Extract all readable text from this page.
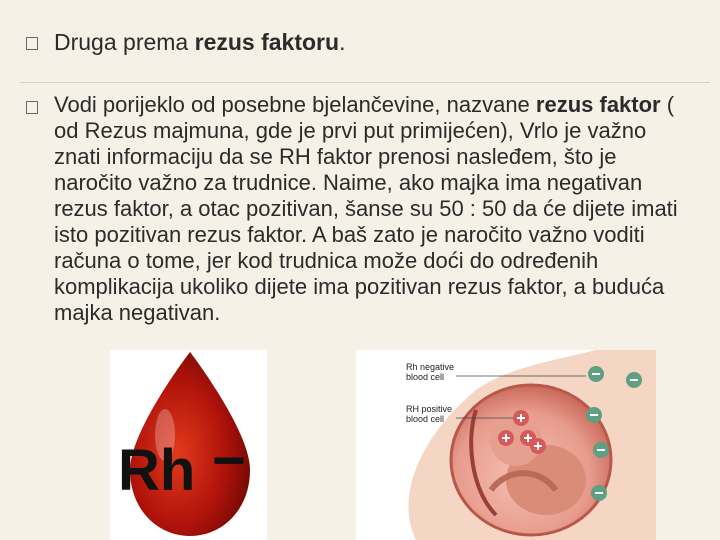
Druga prema rezus faktoru.
Vodi porijeklo od posebne bjelančevine, nazvane rezus faktor ( od Rezus majmuna, gde je prvi put primijećen), Vrlo je važno znati informaciju da se RH faktor prenosi nasleđem, što je naročito važno za trudnice. Naime, ako majka ima negativan rezus faktor, a otac pozitivan, šanse su 50 : 50 da će dijete imati isto pozitivan rezus faktor. A baš zato je naročito važno voditi računa o tome, jer kod trudnica može doći do određenih komplikacija ukoliko dijete ima pozitivan rezus faktor, a buduća majka negativan.
Rh −
Rh negative
blood cell
RH positive
blood cell
